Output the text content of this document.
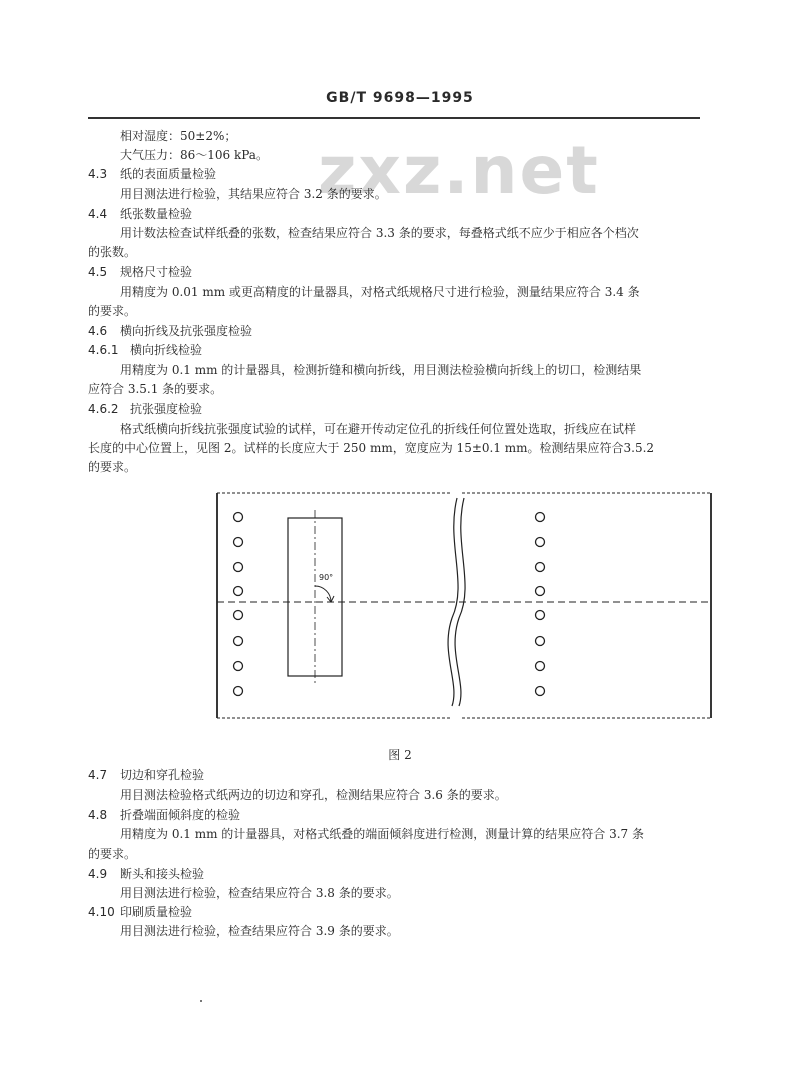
GB/T 9698—1995
zxz.net
相对湿度：50±2%；
大气压力：86～106 kPa。
4.3 纸的表面质量检验
用目测法进行检验，其结果应符合 3.2 条的要求。
4.4 纸张数量检验
用计数法检查试样纸叠的张数，检查结果应符合 3.3 条的要求，每叠格式纸不应少于相应各个档次
的张数。
4.5 规格尺寸检验
用精度为 0.01 mm 或更高精度的计量器具，对格式纸规格尺寸进行检验，测量结果应符合 3.4 条
的要求。
4.6 横向折线及抗张强度检验
4.6.1 横向折线检验
用精度为 0.1 mm 的计量器具，检测折缝和横向折线，用目测法检验横向折线上的切口，检测结果
应符合 3.5.1 条的要求。
4.6.2 抗张强度检验
格式纸横向折线抗张强度试验的试样，可在避开传动定位孔的折线任何位置处选取，折线应在试样
长度的中心位置上，见图 2。试样的长度应大于 250 mm，宽度应为 15±0.1 mm。检测结果应符合3.5.2
的要求。
90°
图 2
4.7 切边和穿孔检验
用目测法检验格式纸两边的切边和穿孔，检测结果应符合 3.6 条的要求。
4.8 折叠端面倾斜度的检验
用精度为 0.1 mm 的计量器具，对格式纸叠的端面倾斜度进行检测，测量计算的结果应符合 3.7 条
的要求。
4.9 断头和接头检验
用目测法进行检验，检查结果应符合 3.8 条的要求。
4.10 印刷质量检验
用目测法进行检验，检查结果应符合 3.9 条的要求。
